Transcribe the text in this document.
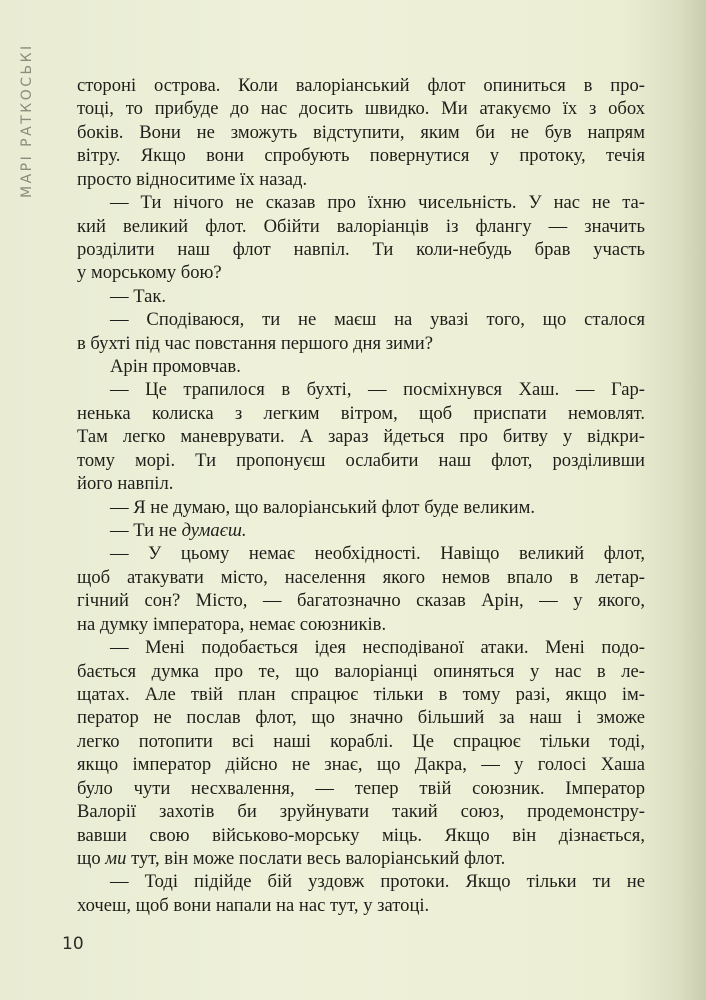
МАРІ РАТКОСЬКІ стороні острова. Коли валоріанський флот опиниться в про-
тоці, то прибуде до нас досить швидко. Ми атакуємо їх з обох
боків. Вони не зможуть відступити, яким би не був напрям
вітру. Якщо вони спробують повернутися у протоку, течія
просто відноситиме їх назад.
— Ти нічого не сказав про їхню чисельність. У нас не та-
кий великий флот. Обійти валоріанців із флангу — значить
розділити наш флот навпіл. Ти коли-небудь брав участь
у морському бою?
— Так.
— Сподіваюся, ти не маєш на увазі того, що сталося
в бухті під час повстання першого дня зими?
Арін промовчав.
— Це трапилося в бухті, — посміхнувся Хаш. — Гар-
ненька колиска з легким вітром, щоб приспати немовлят.
Там легко маневрувати. А зараз йдеться про битву у відкри-
тому морі. Ти пропонуєш ослабити наш флот, розділивши
його навпіл.
— Я не думаю, що валоріанський флот буде великим.
— Ти не думаєш.
— У цьому немає необхідності. Навіщо великий флот,
щоб атакувати місто, населення якого немов впало в летар-
гічний сон? Місто, — багатозначно сказав Арін, — у якого,
на думку імператора, немає союзників.
— Мені подобається ідея несподіваної атаки. Мені подо-
бається думка про те, що валоріанці опиняться у нас в ле-
щатах. Але твій план спрацює тільки в тому разі, якщо ім-
ператор не послав флот, що значно більший за наш і зможе
легко потопити всі наші кораблі. Це спрацює тільки тоді,
якщо імператор дійсно не знає, що Дакра, — у голосі Хаша
було чути несхвалення, — тепер твій союзник. Імператор
Валорії захотів би зруйнувати такий союз, продемонстру-
вавши свою військово-морську міць. Якщо він дізнається,
що ми тут, він може послати весь валоріанський флот.
— Тоді підійде бій уздовж протоки. Якщо тільки ти не
хочеш, щоб вони напали на нас тут, у затоці.
10
